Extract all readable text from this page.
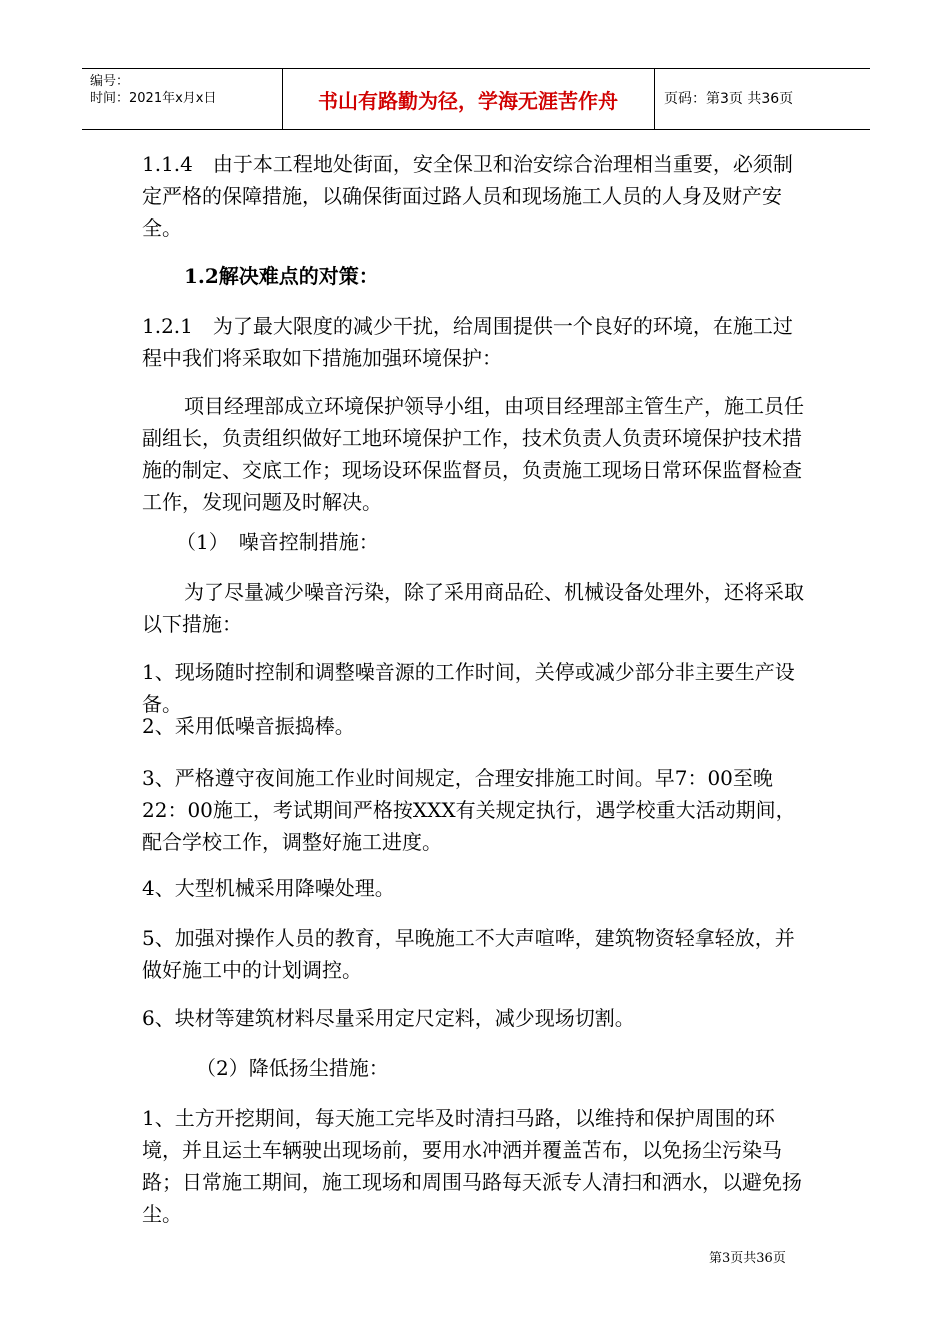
编号：
时间：2021年x月x日	书山有路勤为径，学海无涯苦作舟	页码：第3页 共36页

1.1.4　由于本工程地处街面，安全保卫和治安综合治理相当重要，必须制定严格的保障措施，以确保街面过路人员和现场施工人员的人身及财产安全。

1.2解决难点的对策：

1.2.1　为了最大限度的减少干扰，给周围提供一个良好的环境，在施工过程中我们将采取如下措施加强环境保护：

项目经理部成立环境保护领导小组，由项目经理部主管生产，施工员任副组长，负责组织做好工地环境保护工作，技术负责人负责环境保护技术措施的制定、交底工作；现场设环保监督员，负责施工现场日常环保监督检查工作，发现问题及时解决。

（1）　噪音控制措施：

为了尽量减少噪音污染，除了采用商品砼、机械设备处理外，还将采取以下措施：

1、现场随时控制和调整噪音源的工作时间，关停或减少部分非主要生产设备。

2、采用低噪音振捣棒。

3、严格遵守夜间施工作业时间规定，合理安排施工时间。早7：00至晚22：00施工，考试期间严格按XXX有关规定执行，遇学校重大活动期间，配合学校工作，调整好施工进度。

4、大型机械采用降噪处理。

5、加强对操作人员的教育，早晚施工不大声喧哗，建筑物资轻拿轻放，并做好施工中的计划调控。

6、块材等建筑材料尽量采用定尺定料，减少现场切割。

（2）降低扬尘措施：

1、土方开挖期间，每天施工完毕及时清扫马路，以维持和保护周围的环境，并且运土车辆驶出现场前，要用水冲洒并覆盖苫布，以免扬尘污染马路；日常施工期间，施工现场和周围马路每天派专人清扫和洒水，以避免扬尘。

第3页共36页
